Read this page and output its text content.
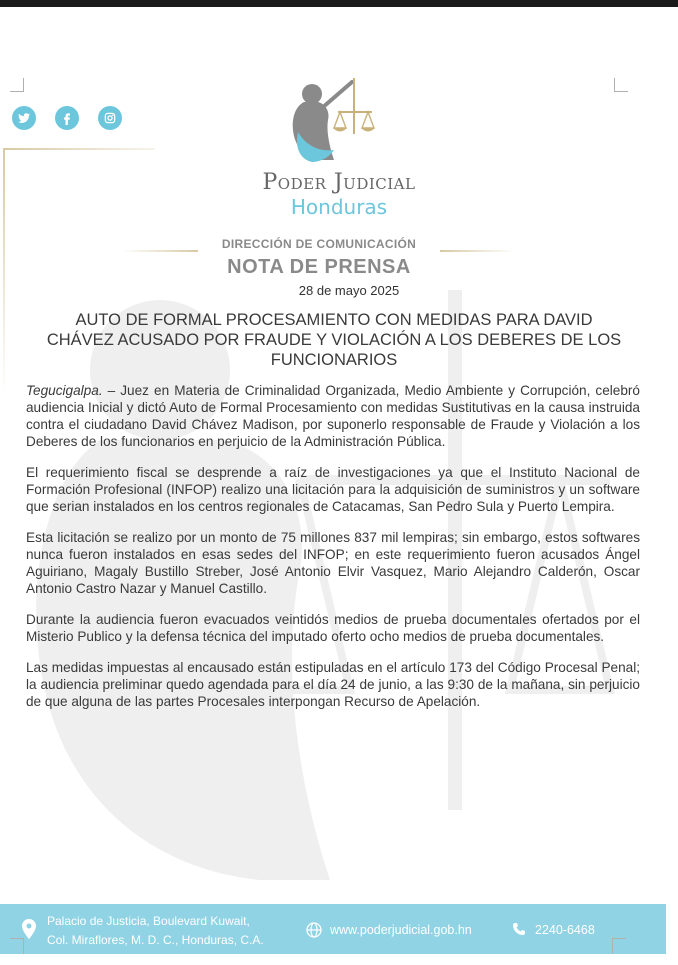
Poder Judicial
Honduras
DIRECCIÓN DE COMUNICACIÓN
NOTA DE PRENSA
28 de mayo 2025
AUTO DE FORMAL PROCESAMIENTO CON MEDIDAS PARA DAVID
CHÁVEZ ACUSADO POR FRAUDE Y VIOLACIÓN A LOS DEBERES DE LOS
FUNCIONARIOS

Tegucigalpa. – Juez en Materia de Criminalidad Organizada, Medio Ambiente y Corrupción, celebró audiencia Inicial y dictó Auto de Formal Procesamiento con medidas Sustitutivas en la causa instruida contra el ciudadano David Chávez Madison, por suponerlo responsable de Fraude y Violación a los Deberes de los funcionarios en perjuicio de la Administración Pública.

El requerimiento fiscal se desprende a raíz de investigaciones ya que el Instituto Nacional de Formación Profesional (INFOP) realizo una licitación para la adquisición de suministros y un software que serian instalados en los centros regionales de Catacamas, San Pedro Sula y Puerto Lempira.

Esta licitación se realizo por un monto de 75 millones 837 mil lempiras; sin embargo, estos softwares nunca fueron instalados en esas sedes del INFOP; en este requerimiento fueron acusados Ángel Aguiriano, Magaly Bustillo Streber, José Antonio Elvir Vasquez, Mario Alejandro Calderón, Oscar Antonio Castro Nazar y Manuel Castillo.

Durante la audiencia fueron evacuados veintidós medios de prueba documentales ofertados por el Misterio Publico y la defensa técnica del imputado oferto ocho medios de prueba documentales.

Las medidas impuestas al encausado están estipuladas en el artículo 173 del Código Procesal Penal; la audiencia preliminar quedo agendada para el día 24 de junio, a las 9:30 de la mañana, sin perjuicio de que alguna de las partes Procesales interpongan Recurso de Apelación.

Palacio de Justicia, Boulevard Kuwait,
Col. Miraflores, M. D. C., Honduras, C.A.
www.poderjudicial.gob.hn	2240-6468
